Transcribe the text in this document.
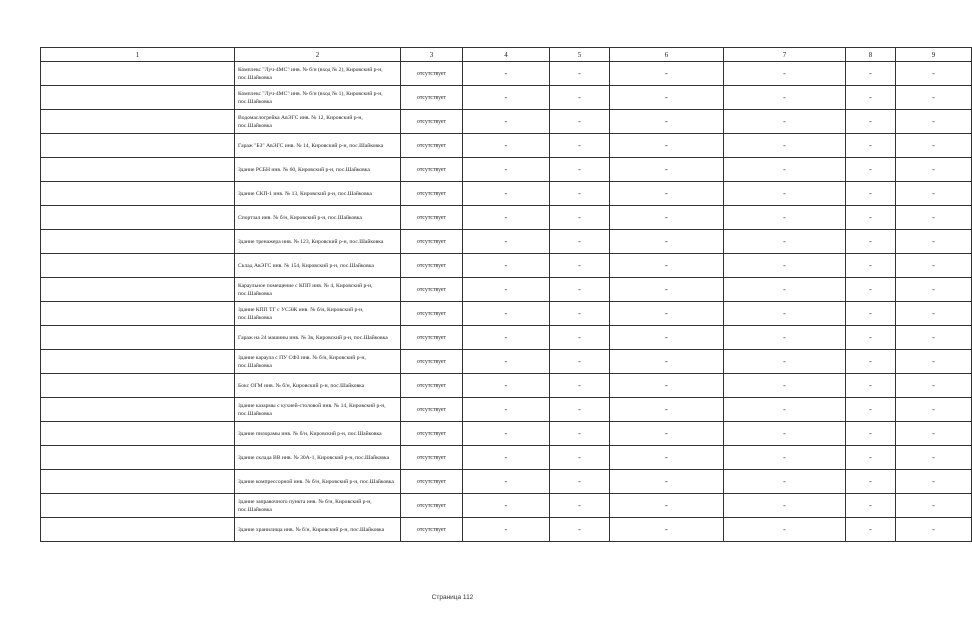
1	2	3	4	5	6	7	8	9
	Комплекс "Луч-4МС" инв. № б/н (вход № 2), Кировский р-н, пос.Шайковка	отсутствует	-	-	-	-	-	-
	Комплекс "Луч-4МС" инв. № б/н (вход № 1), Кировский р-н, пос.Шайковка	отсутствует	-	-	-	-	-	-
	Водомаслогрейка АвЭГС инв. № 12, Кировский р-н, пос.Шайковка	отсутствует	-	-	-	-	-	-
	Гараж "БЗ" АвЭГС инв. № 14, Кировский р-н, пос.Шайковка	отсутствует	-	-	-	-	-	-
	Здание РСБН инв. № 60, Кировский р-н, пос.Шайковка	отсутствует	-	-	-	-	-	-
	Здание СКП-1 инв. № 13, Кировский р-н, пос.Шайковка	отсутствует	-	-	-	-	-	-
	Спортзал инв. № б/н, Кировский р-н, пос.Шайковка	отсутствует	-	-	-	-	-	-
	Здание тренажера инв. № 123, Кировский р-н, пос.Шайковка	отсутствует	-	-	-	-	-	-
	Склад АвЭГС инв. № 154, Кировский р-н, пос.Шайковка	отсутствует	-	-	-	-	-	-
	Караульное помещение с КПП инв. № 4, Кировский р-н, пос.Шайковка	отсутствует	-	-	-	-	-	-
	Здание КПП ТГ с УСЭЖ инв. № б/н, Кировский р-н, пос.Шайковка	отсутствует	-	-	-	-	-	-
	Гараж на 24 машины инв. № 3в, Кировский р-н, пос.Шайковка	отсутствует	-	-	-	-	-	-
	Здание караула с ПУ СФЗ инв. № б/н, Кировский р-н, пос.Шайковка	отсутствует	-	-	-	-	-	-
	Бокс ОГМ инв. № б/н, Кировский р-н, пос.Шайковка	отсутствует	-	-	-	-	-	-
	Здание казармы с кухней-столовой инв. № 14, Кировский р-н, пос.Шайковка	отсутствует	-	-	-	-	-	-
	Здание пилорамы инв. № б/н, Кировский р-н, пос.Шайковка	отсутствует	-	-	-	-	-	-
	Здание склада ВВ инв. № 30А-1, Кировский р-н, пос.Шайковка	отсутствует	-	-	-	-	-	-
	Здание компрессорной инв. № б/н, Кировский р-н, пос.Шайковка	отсутствует	-	-	-	-	-	-
	Здание заправочного пункта инв. № б/н, Кировский р-н, пос.Шайковка	отсутствует	-	-	-	-	-	-
	Здание хранилища инв. № б/н, Кировский р-н, пос.Шайковка	отсутствует	-	-	-	-	-	-
Страница 112
